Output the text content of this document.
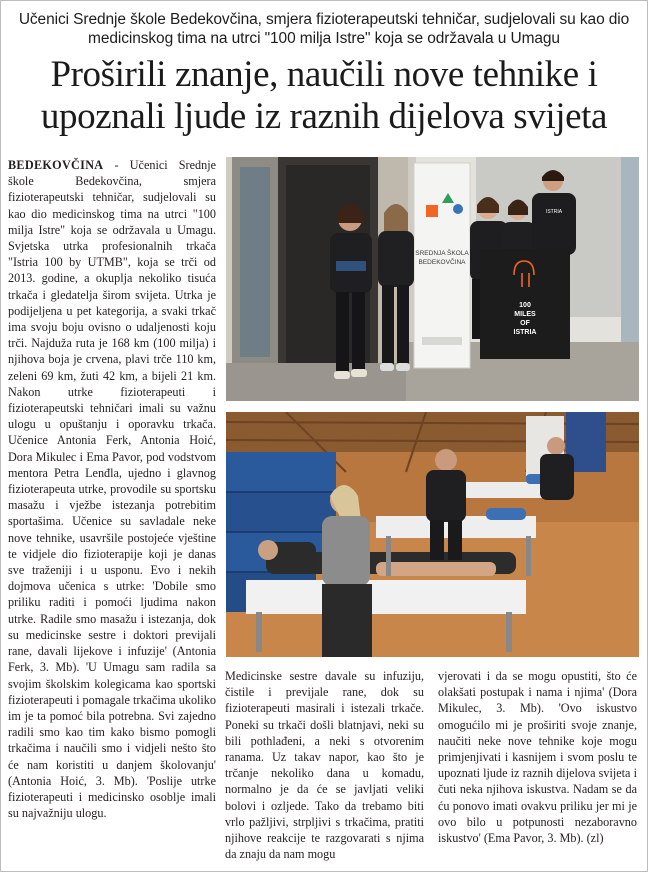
Učenici Srednje škole Bedekovčina, smjera fizioterapeutski tehničar, sudjelovali su kao dio medicinskog tima na utrci "100 milja Istre" koja se održavala u Umagu
Proširili znanje, naučili nove tehnike i upoznali ljude iz raznih dijelova svijeta
BEDEKOVČINA - Učenici Srednje škole Bedekovčina, smjera fizioterapeutski tehničar, sudjelovali su kao dio medicinskog tima na utrci "100 milja Istre" koja se održavala u Umagu. Svjetska utrka profesionalnih trkača "Istria 100 by UTMB", koja se trči od 2013. godine, a okuplja nekoliko tisuća trkača i gledatelja širom svijeta. Utrka je podijeljena u pet kategorija, a svaki trkač ima svoju boju ovisno o udaljenosti koju trči. Najduža ruta je 168 km (100 milja) i njihova boja je crvena, plavi trče 110 km, zeleni 69 km, žuti 42 km, a bijeli 21 km. Nakon utrke fizioterapeuti i fizioterapeutski tehničari imali su važnu ulogu u opuštanju i oporavku trkača. Učenice Antonia Ferk, Antonia Hoić, Dora Mikulec i Ema Pavor, pod vodstvom mentora Petra Lenđla, ujedno i glavnog fizioterapeuta utrke, provodile su sportsku masažu i vježbe istezanja potrebitim sportašima. Učenice su savladale neke nove tehnike, usavršile postojeće vještine te vidjele dio fizioterapije koji je danas sve traženiji i u usponu. Evo i nekih dojmova učenica s utrke: 'Dobile smo priliku raditi i pomoći ljudima nakon utrke. Radile smo masažu i istezanja, dok su medicinske sestre i doktori previjali rane, davali lijekove i infuzije' (Antonia Ferk, 3. Mb). 'U Umagu sam radila sa svojim školskim kolegicama kao sportski fizioterapeuti i pomagale trkačima ukoliko im je ta pomoć bila potrebna. Svi zajedno radili smo kao tim kako bismo pomogli trkačima i naučili smo i vidjeli nešto što će nam koristiti u danjem školovanju' (Antonia Hoić, 3. Mb). 'Poslije utrke fizioterapeuti i medicinsko osoblje imali su najvažniju ulogu.
SREDNJA ŠKOLA
BEDEKOVČINA
ISTRIA
100
MILES
OF
ISTRIA
Medicinske sestre davale su infuziju, čistile i previjale rane, dok su fizioterapeuti masirali i istezali trkače. Poneki su trkači došli blatnjavi, neki su bili pothlađeni, a neki s otvorenim ranama. Uz takav napor, kao što je trčanje nekoliko dana u komadu, normalno je da će se javljati veliki bolovi i ozljede. Tako da trebamo biti vrlo pažljivi, strpljivi s trkačima, pratiti njihove reakcije te razgovarati s njima da znaju da nam mogu
vjerovati i da se mogu opustiti, što će olakšati postupak i nama i njima' (Dora Mikulec, 3. Mb). 'Ovo iskustvo omogućilo mi je proširiti svoje znanje, naučiti neke nove tehnike koje mogu primjenjivati i kasnijem i svom poslu te upoznati ljude iz raznih dijelova svijeta i čuti neka njihova iskustva. Nadam se da ću ponovo imati ovakvu priliku jer mi je ovo bilo u potpunosti nezaboravno iskustvo' (Ema Pavor, 3. Mb). (zl)
